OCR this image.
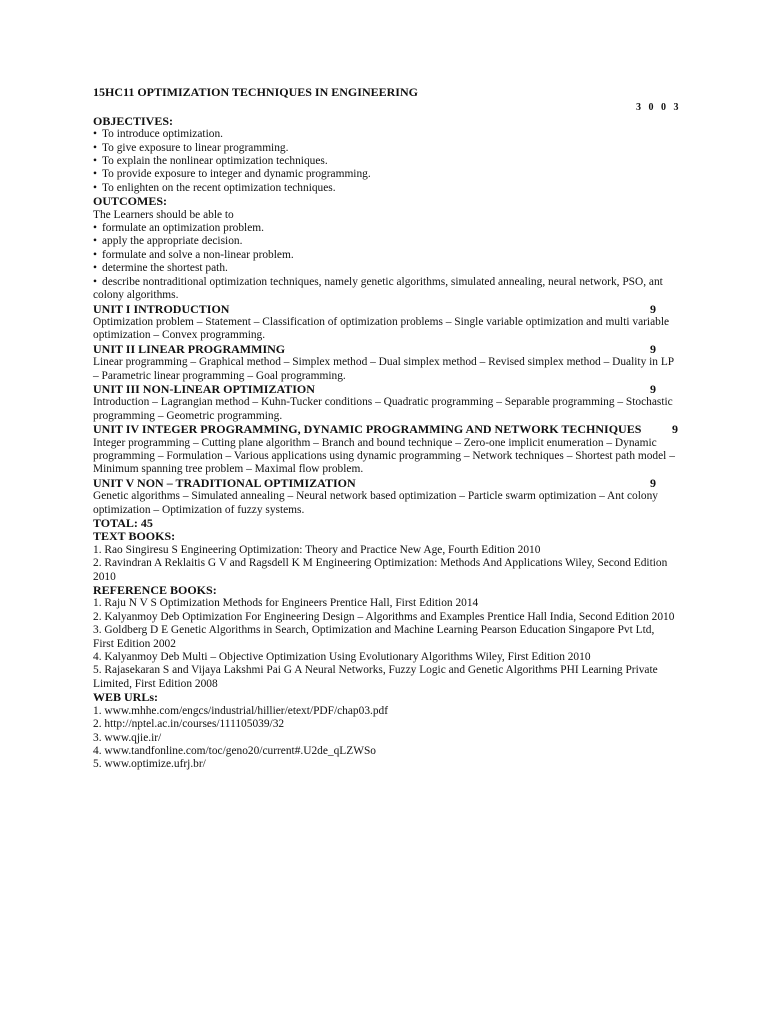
15HC11 OPTIMIZATION TECHNIQUES IN ENGINEERING
3 0 0 3
OBJECTIVES:
• To introduce optimization.
• To give exposure to linear programming.
• To explain the nonlinear optimization techniques.
• To provide exposure to integer and dynamic programming.
• To enlighten on the recent optimization techniques.
OUTCOMES:
The Learners should be able to
• formulate an optimization problem.
• apply the appropriate decision.
• formulate and solve a non-linear problem.
• determine the shortest path.
• describe nontraditional optimization techniques, namely genetic algorithms, simulated annealing, neural network, PSO, ant colony algorithms.
UNIT I INTRODUCTION	9
Optimization problem – Statement – Classification of optimization problems – Single variable optimization and multi variable optimization – Convex programming.
UNIT II LINEAR PROGRAMMING	9
Linear programming – Graphical method – Simplex method – Dual simplex method – Revised simplex method – Duality in LP – Parametric linear programming – Goal programming.
UNIT III NON-LINEAR OPTIMIZATION	9
Introduction – Lagrangian method – Kuhn-Tucker conditions – Quadratic programming – Separable programming – Stochastic programming – Geometric programming.
UNIT IV INTEGER PROGRAMMING, DYNAMIC PROGRAMMING AND NETWORK TECHNIQUES	9
Integer programming – Cutting plane algorithm – Branch and bound technique – Zero-one implicit enumeration – Dynamic programming – Formulation – Various applications using dynamic programming – Network techniques – Shortest path model – Minimum spanning tree problem – Maximal flow problem.
UNIT V NON – TRADITIONAL OPTIMIZATION	9
Genetic algorithms – Simulated annealing – Neural network based optimization – Particle swarm optimization – Ant colony optimization – Optimization of fuzzy systems.
TOTAL: 45
TEXT BOOKS:
1. Rao Singiresu S Engineering Optimization: Theory and Practice New Age, Fourth Edition 2010
2. Ravindran A Reklaitis G V and Ragsdell K M Engineering Optimization: Methods And Applications Wiley, Second Edition 2010
REFERENCE BOOKS:
1. Raju N V S Optimization Methods for Engineers Prentice Hall, First Edition 2014
2. Kalyanmoy Deb Optimization For Engineering Design – Algorithms and Examples Prentice Hall India, Second Edition 2010
3. Goldberg D E Genetic Algorithms in Search, Optimization and Machine Learning Pearson Education Singapore Pvt Ltd, First Edition 2002
4. Kalyanmoy Deb Multi – Objective Optimization Using Evolutionary Algorithms Wiley, First Edition 2010
5. Rajasekaran S and Vijaya Lakshmi Pai G A Neural Networks, Fuzzy Logic and Genetic Algorithms PHI Learning Private Limited, First Edition 2008
WEB URLs:
1. www.mhhe.com/engcs/industrial/hillier/etext/PDF/chap03.pdf
2. http://nptel.ac.in/courses/111105039/32
3. www.qjie.ir/
4. www.tandfonline.com/toc/geno20/current#.U2de_qLZWSo
5. www.optimize.ufrj.br/
